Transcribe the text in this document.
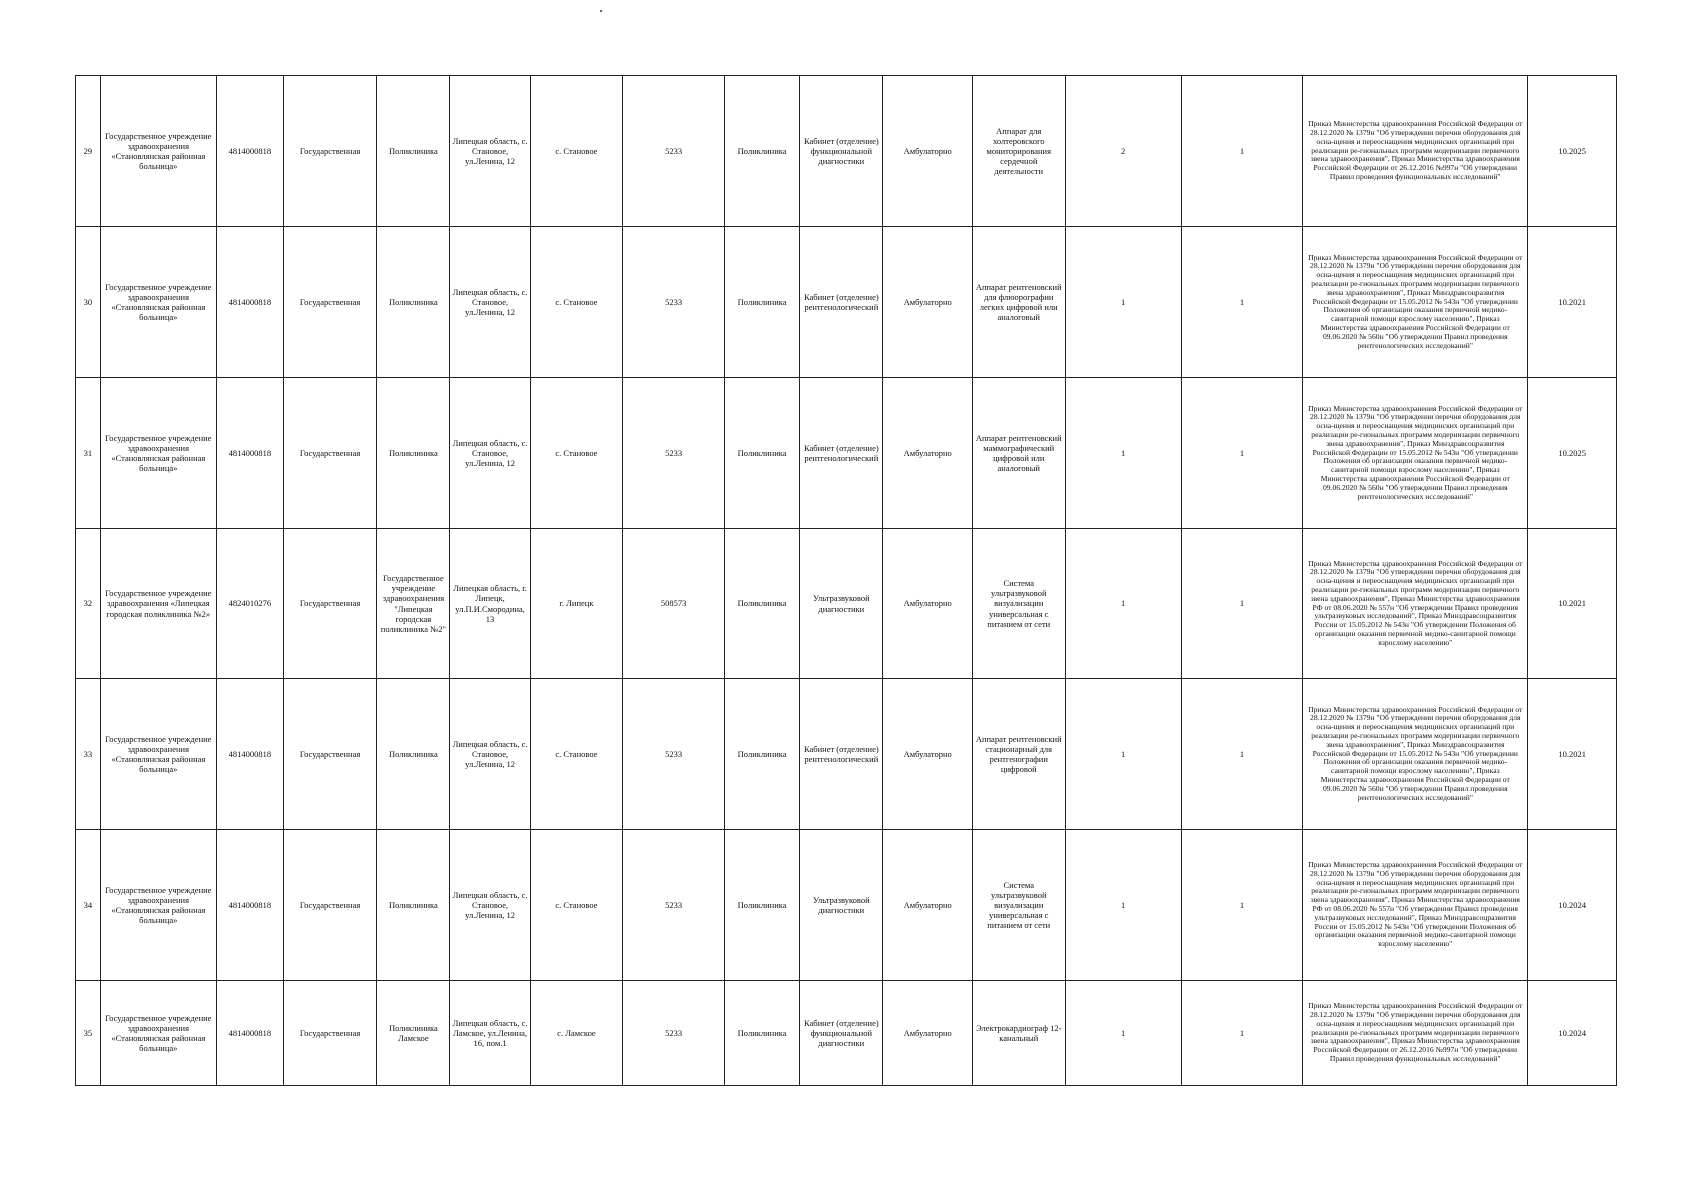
29	Государственное учреждение здравоохранения «Становлянская районная больница»	4814000818	Государственная	Поликлиника	Липецкая область, с. Становое, ул.Ленина, 12	с. Становое	5233	Поликлиника	Кабинет (отделение) функциональной диагностики	Амбулаторно	Аппарат для холтеровского мониторирования сердечной деятельности	2	1	Приказ Министерства здравоохранения Российской Федерации от 28.12.2020 № 1379н "Об утверждении перечня оборудования для осна-щения и переоснащения медицинских организаций при реализации ре-гиональных программ модернизации первичного звена здравоохранения", Приказ Министерства здравоохранения Российской Федерации от 26.12.2016 №997н "Об утверждении Правил проведения функциональных исследований"	10.2025
30	Государственное учреждение здравоохранения «Становлянская районная больница»	4814000818	Государственная	Поликлиника	Липецкая область, с. Становое, ул.Ленина, 12	с. Становое	5233	Поликлиника	Кабинет (отделение) рентгенологический	Амбулаторно	Аппарат рентгеновский для флюорографии легких цифровой или аналоговый	1	1	Приказ Министерства здравоохранения Российской Федерации от 28.12.2020 № 1379н "Об утверждении перечня оборудования для осна-щения и переоснащения медицинских организаций при реализации ре-гиональных программ модернизации первичного звена здравоохранения", Приказ Минздравсоцразвития Российской Федерации от 15.05.2012 № 543н "Об утверждении Положения об организации оказания первичной медико-санитарной помощи взрослому населению", Приказ Министерства здравоохранения Российской Федерации от 09.06.2020 № 560н "Об утверждении Правил проведения рентгенологических исследований"	10.2021
31	Государственное учреждение здравоохранения «Становлянская районная больница»	4814000818	Государственная	Поликлиника	Липецкая область, с. Становое, ул.Ленина, 12	с. Становое	5233	Поликлиника	Кабинет (отделение) рентгенологический	Амбулаторно	Аппарат рентгеновский маммографический цифровой или аналоговый	1	1	Приказ Министерства здравоохранения Российской Федерации от 28.12.2020 № 1379н "Об утверждении перечня оборудования для осна-щения и переоснащения медицинских организаций при реализации ре-гиональных программ модернизации первичного звена здравоохранения", Приказ Минздравсоцразвития Российской Федерации от 15.05.2012 № 543н "Об утверждении Положения об организации оказания первичной медико-санитарной помощи взрослому населению", Приказ Министерства здравоохранения Российской Федерации от 09.06.2020 № 560н "Об утверждении Правил проведения рентгенологических исследований"	10.2025
32	Государственное учреждение здравоохранения «Липецкая городская поликлиника №2»	4824010276	Государственная	Государственное учреждение здравоохранения "Липецкая городская поликлиника №2"	Липецкая область, г. Липецк, ул.П.И.Смородина, 13	г. Липецк	508573	Поликлиника	Ультразвуковой диагностики	Амбулаторно	Система ультразвуковой визуализации универсальная с питанием от сети	1	1	Приказ Министерства здравоохранения Российской Федерации от 28.12.2020 № 1379н "Об утверждении перечня оборудования для осна-щения и переоснащения медицинских организаций при реализации ре-гиональных программ модернизации первичного звена здравоохранения", Приказ Министерства здравоохранения РФ от 08.06.2020 № 557н "Об утверждении Правил проведения ультразвуковых исследований", Приказ Минздравсоцразвития России от 15.05.2012 № 543н "Об утверждении Положения об организации оказания первичной медико-санитарной помощи взрослому населению"	10.2021
33	Государственное учреждение здравоохранения «Становлянская районная больница»	4814000818	Государственная	Поликлиника	Липецкая область, с. Становое, ул.Ленина, 12	с. Становое	5233	Поликлиника	Кабинет (отделение) рентгенологический	Амбулаторно	Аппарат рентгеновский стационарный для рентгенографии цифровой	1	1	Приказ Министерства здравоохранения Российской Федерации от 28.12.2020 № 1379н "Об утверждении перечня оборудования для осна-щения и переоснащения медицинских организаций при реализации ре-гиональных программ модернизации первичного звена здравоохранения", Приказ Минздравсоцразвития Российской Федерации от 15.05.2012 № 543н "Об утверждении Положения об организации оказания первичной медико-санитарной помощи взрослому населению", Приказ Министерства здравоохранения Российской Федерации от 09.06.2020 № 560н "Об утверждении Правил проведения рентгенологических исследований"	10.2021
34	Государственное учреждение здравоохранения «Становлянская районная больница»	4814000818	Государственная	Поликлиника	Липецкая область, с. Становое, ул.Ленина, 12	с. Становое	5233	Поликлиника	Ультразвуковой диагностики	Амбулаторно	Система ультразвуковой визуализации универсальная с питанием от сети	1	1	Приказ Министерства здравоохранения Российской Федерации от 28.12.2020 № 1379н "Об утверждении перечня оборудования для осна-щения и переоснащения медицинских организаций при реализации ре-гиональных программ модернизации первичного звена здравоохранения", Приказ Министерства здравоохранения РФ от 08.06.2020 № 557н "Об утверждении Правил проведения ультразвуковых исследований", Приказ Минздравсоцразвития России от 15.05.2012 № 543н "Об утверждении Положения об организации оказания первичной медико-санитарной помощи взрослому населению"	10.2024
35	Государственное учреждение здравоохранения «Становлянская районная больница»	4814000818	Государственная	Поликлиника Ламское	Липецкая область, с. Ламское, ул.Ленина, 16, пом.1	с. Ламское	5233	Поликлиника	Кабинет (отделение) функциональной диагностики	Амбулаторно	Электрокардиограф 12-канальный	1	1	Приказ Министерства здравоохранения Российской Федерации от 28.12.2020 № 1379н "Об утверждении перечня оборудования для осна-щения и переоснащения медицинских организаций при реализации ре-гиональных программ модернизации первичного звена здравоохранения", Приказ Министерства здравоохранения Российской Федерации от 26.12.2016 №997н "Об утверждении Правил проведения функциональных исследований"	10.2024
